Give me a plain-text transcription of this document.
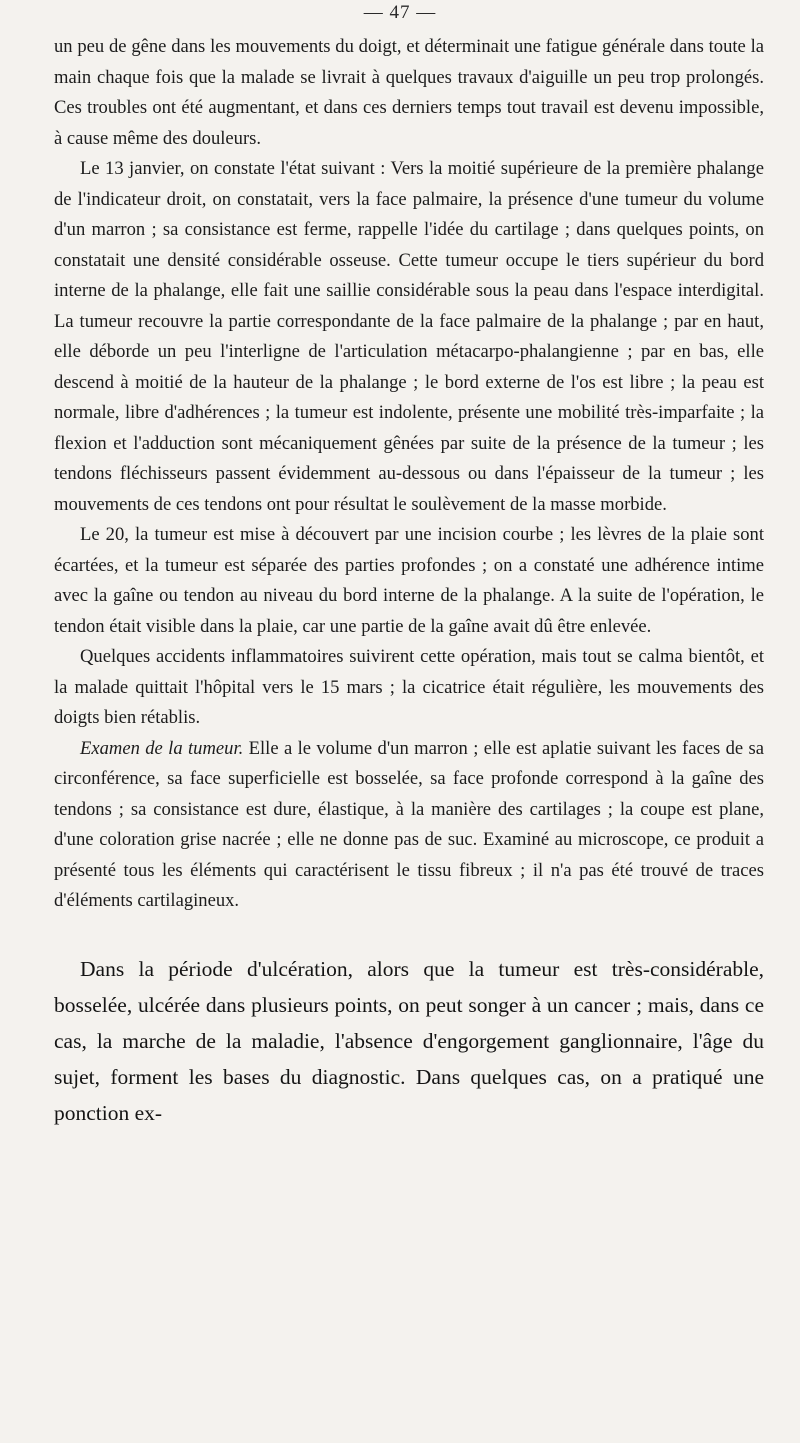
— 47 —

un peu de gêne dans les mouvements du doigt, et déterminait une fatigue générale dans toute la main chaque fois que la malade se livrait à quelques travaux d'aiguille un peu trop prolongés. Ces troubles ont été augmentant, et dans ces derniers temps tout travail est devenu impossible, à cause même des douleurs.

Le 13 janvier, on constate l'état suivant : Vers la moitié supérieure de la première phalange de l'indicateur droit, on constatait, vers la face palmaire, la présence d'une tumeur du volume d'un marron ; sa consistance est ferme, rappelle l'idée du cartilage ; dans quelques points, on constatait une densité considérable osseuse. Cette tumeur occupe le tiers supérieur du bord interne de la phalange, elle fait une saillie considérable sous la peau dans l'espace interdigital. La tumeur recouvre la partie correspondante de la face palmaire de la phalange ; par en haut, elle déborde un peu l'interligne de l'articulation métacarpo-phalangienne ; par en bas, elle descend à moitié de la hauteur de la phalange ; le bord externe de l'os est libre ; la peau est normale, libre d'adhérences ; la tumeur est indolente, présente une mobilité très-imparfaite ; la flexion et l'adduction sont mécaniquement gênées par suite de la présence de la tumeur ; les tendons fléchisseurs passent évidemment au-dessous ou dans l'épaisseur de la tumeur ; les mouvements de ces tendons ont pour résultat le soulèvement de la masse morbide.

Le 20, la tumeur est mise à découvert par une incision courbe ; les lèvres de la plaie sont écartées, et la tumeur est séparée des parties profondes ; on a constaté une adhérence intime avec la gaîne ou tendon au niveau du bord interne de la phalange. A la suite de l'opération, le tendon était visible dans la plaie, car une partie de la gaîne avait dû être enlevée.

Quelques accidents inflammatoires suivirent cette opération, mais tout se calma bientôt, et la malade quittait l'hôpital vers le 15 mars ; la cicatrice était régulière, les mouvements des doigts bien rétablis.

Examen de la tumeur. Elle a le volume d'un marron ; elle est aplatie suivant les faces de sa circonférence, sa face superficielle est bosselée, sa face profonde correspond à la gaîne des tendons ; sa consistance est dure, élastique, à la manière des cartilages ; la coupe est plane, d'une coloration grise nacrée ; elle ne donne pas de suc. Examiné au microscope, ce produit a présenté tous les éléments qui caractérisent le tissu fibreux ; il n'a pas été trouvé de traces d'éléments cartilagineux.

Dans la période d'ulcération, alors que la tumeur est très-considérable, bosselée, ulcérée dans plusieurs points, on peut songer à un cancer ; mais, dans ce cas, la marche de la maladie, l'absence d'engorgement ganglionnaire, l'âge du sujet, forment les bases du diagnostic. Dans quelques cas, on a pratiqué une ponction ex-
